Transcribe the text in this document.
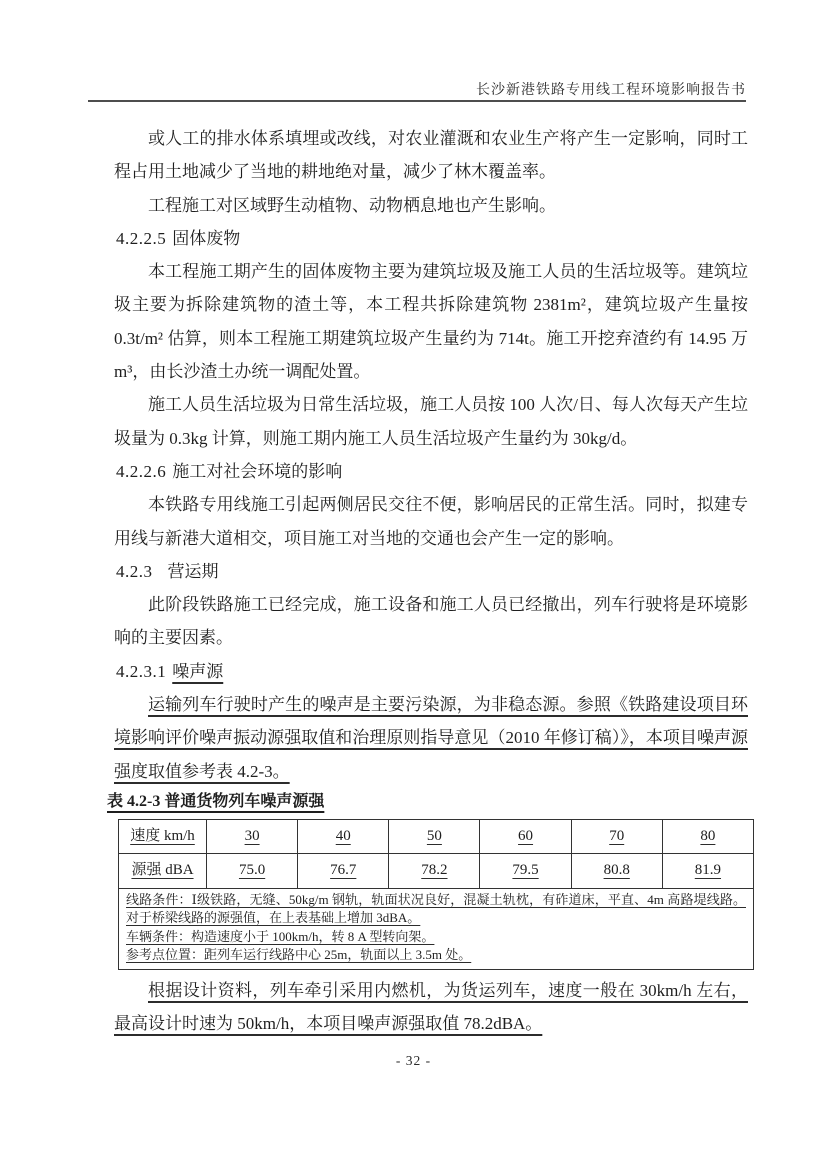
长沙新港铁路专用线工程环境影响报告书

或人工的排水体系填埋或改线，对农业灌溉和农业生产将产生一定影响，同时工程占用土地减少了当地的耕地绝对量，减少了林木覆盖率。

工程施工对区域野生动植物、动物栖息地也产生影响。

4.2.2.5 固体废物

本工程施工期产生的固体废物主要为建筑垃圾及施工人员的生活垃圾等。建筑垃圾主要为拆除建筑物的渣土等，本工程共拆除建筑物 2381m²，建筑垃圾产生量按 0.3t/m² 估算，则本工程施工期建筑垃圾产生量约为 714t。施工开挖弃渣约有 14.95 万 m³，由长沙渣土办统一调配处置。

施工人员生活垃圾为日常生活垃圾，施工人员按 100 人次/日、每人次每天产生垃圾量为 0.3kg 计算，则施工期内施工人员生活垃圾产生量约为 30kg/d。

4.2.2.6 施工对社会环境的影响

本铁路专用线施工引起两侧居民交往不便，影响居民的正常生活。同时，拟建专用线与新港大道相交，项目施工对当地的交通也会产生一定的影响。

4.2.3 营运期

此阶段铁路施工已经完成，施工设备和施工人员已经撤出，列车行驶将是环境影响的主要因素。

4.2.3.1 噪声源

运输列车行驶时产生的噪声是主要污染源，为非稳态源。参照《铁路建设项目环境影响评价噪声振动源强取值和治理原则指导意见（2010 年修订稿）》，本项目噪声源强度取值参考表 4.2-3。

表 4.2-3 普通货物列车噪声源强

速度 km/h	30	40	50	60	70	80
源强 dBA	75.0	76.7	78.2	79.5	80.8	81.9

线路条件：Ⅰ级铁路，无缝、50kg/m 钢轨，轨面状况良好，混凝土轨枕，有砟道床，平直、4m 高路堤线路。对于桥梁线路的源强值，在上表基础上增加 3dBA。
车辆条件：构造速度小于 100km/h，转 8 A 型转向架。
参考点位置：距列车运行线路中心 25m，轨面以上 3.5m 处。						

根据设计资料，列车牵引采用内燃机，为货运列车，速度一般在 30km/h 左右，最高设计时速为 50km/h，本项目噪声源强取值 78.2dBA。

- 32 -
